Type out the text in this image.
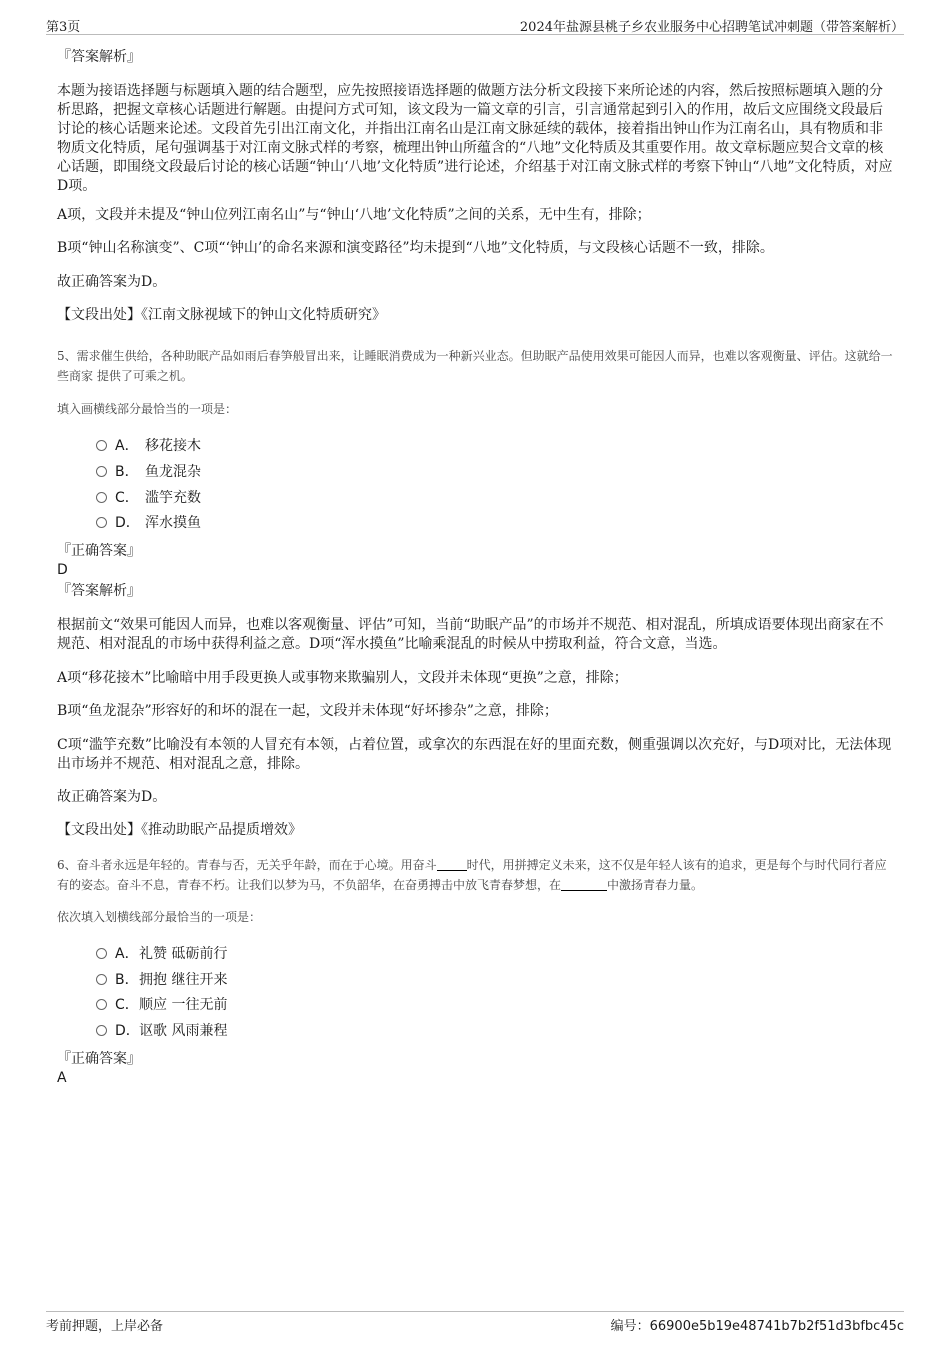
第3页	2024年盐源县桃子乡农业服务中心招聘笔试冲刺题（带答案解析）
『答案解析』

本题为接语选择题与标题填入题的结合题型，应先按照接语选择题的做题方法分析文段接下来所论述的内容，然后按照标题填入题的分析思路，把握文章核心话题进行解题。由提问方式可知，该文段为一篇文章的引言，引言通常起到引入的作用，故后文应围绕文段最后讨论的核心话题来论述。文段首先引出江南文化，并指出江南名山是江南文脉延续的载体，接着指出钟山作为江南名山，具有物质和非物质文化特质，尾句强调基于对江南文脉式样的考察，梳理出钟山所蕴含的“八地”文化特质及其重要作用。故文章标题应契合文章的核心话题，即围绕文段最后讨论的核心话题“钟山‘八地’文化特质”进行论述，介绍基于对江南文脉式样的考察下钟山“八地”文化特质，对应D项。

A项，文段并未提及“钟山位列江南名山”与“钟山‘八地’文化特质”之间的关系，无中生有，排除；

B项“钟山名称演变”、C项“‘钟山’的命名来源和演变路径”均未提到“八地”文化特质，与文段核心话题不一致，排除。

故正确答案为D。

【文段出处】《江南文脉视域下的钟山文化特质研究》

5、需求催生供给，各种助眠产品如雨后春笋般冒出来，让睡眠消费成为一种新兴业态。但助眠产品使用效果可能因人而异，也难以客观衡量、评估。这就给一些商家 提供了可乘之机。

填入画横线部分最恰当的一项是：

A． 移花接木
B． 鱼龙混杂
C． 滥竽充数
D． 浑水摸鱼
『正确答案』
D
『答案解析』

根据前文“效果可能因人而异，也难以客观衡量、评估”可知，当前“助眠产品”的市场并不规范、相对混乱，所填成语要体现出商家在不规范、相对混乱的市场中获得利益之意。D项“浑水摸鱼”比喻乘混乱的时候从中捞取利益，符合文意，当选。

A项“移花接木”比喻暗中用手段更换人或事物来欺骗别人，文段并未体现“更换”之意，排除；

B项“鱼龙混杂”形容好的和坏的混在一起，文段并未体现“好坏掺杂”之意，排除；

C项“滥竽充数”比喻没有本领的人冒充有本领，占着位置，或拿次的东西混在好的里面充数，侧重强调以次充好，与D项对比，无法体现出市场并不规范、相对混乱之意，排除。

故正确答案为D。

【文段出处】《推动助眠产品提质增效》

6、奋斗者永远是年轻的。青春与否，无关乎年龄，而在于心境。用奋斗	时代，用拼搏定义未来，这不仅是年轻人该有的追求，更是每个与时代同行者应有的姿态。奋斗不息，青春不朽。让我们以梦为马，不负韶华，在奋勇搏击中放飞青春梦想，在	中激扬青春力量。

依次填入划横线部分最恰当的一项是：

A．礼赞 砥砺前行
B．拥抱 继往开来
C．顺应 一往无前
D．讴歌 风雨兼程
『正确答案』
A
考前押题，上岸必备	编号：66900e5b19e48741b7b2f51d3bfbc45c
